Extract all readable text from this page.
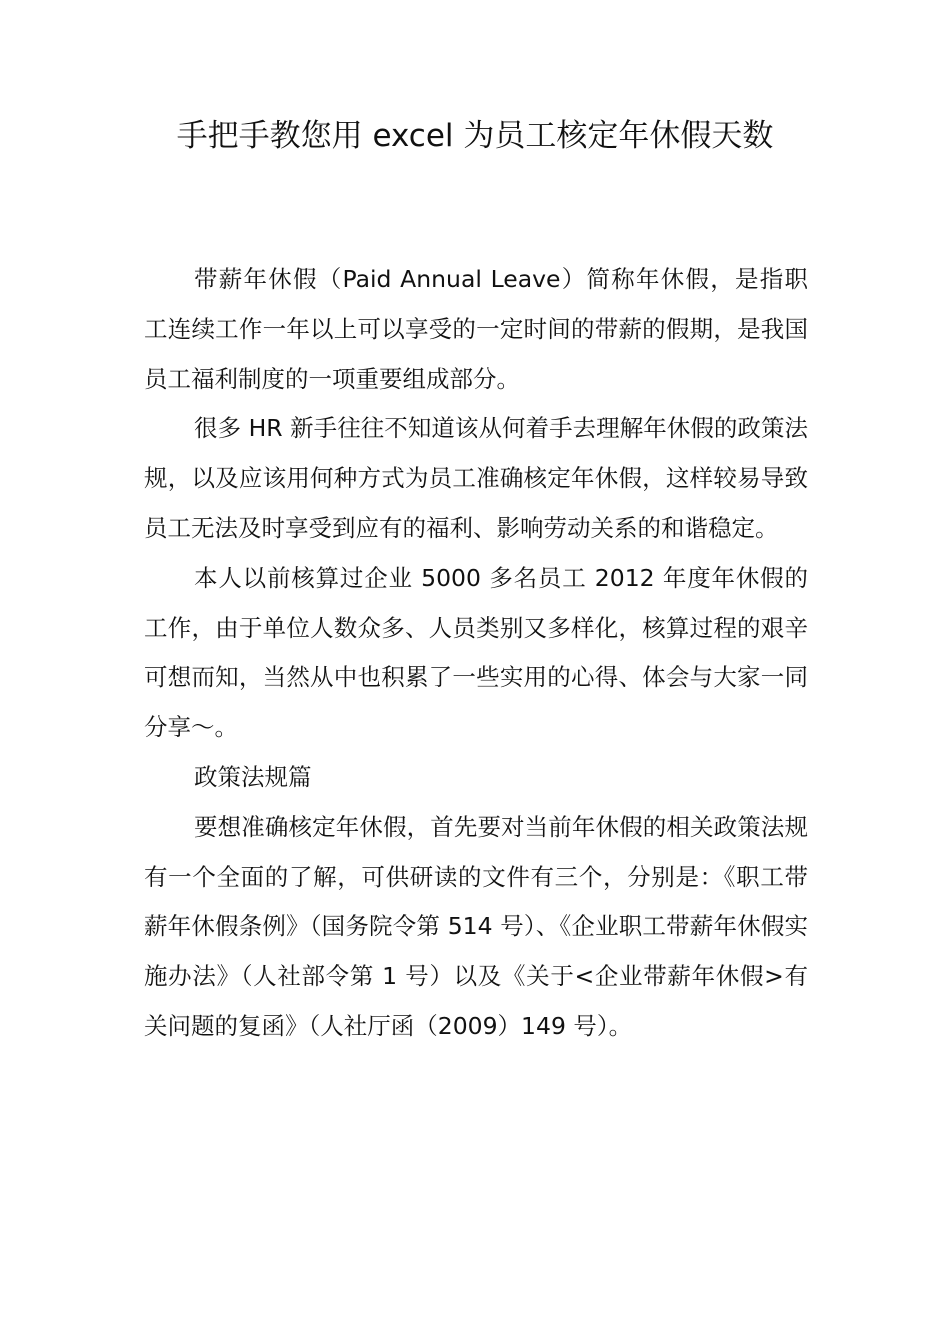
手把手教您用 excel 为员工核定年休假天数

带薪年休假（Paid Annual Leave）简称年休假，是指职工连续工作一年以上可以享受的一定时间的带薪的假期，是我国员工福利制度的一项重要组成部分。

很多 HR 新手往往不知道该从何着手去理解年休假的政策法规，以及应该用何种方式为员工准确核定年休假，这样较易导致员工无法及时享受到应有的福利、影响劳动关系的和谐稳定。

本人以前核算过企业 5000 多名员工 2012 年度年休假的工作，由于单位人数众多、人员类别又多样化，核算过程的艰辛可想而知，当然从中也积累了一些实用的心得、体会与大家一同分享～。

政策法规篇

要想准确核定年休假，首先要对当前年休假的相关政策法规有一个全面的了解，可供研读的文件有三个，分别是：《职工带薪年休假条例》（国务院令第 514 号）、《企业职工带薪年休假实施办法》（人社部令第 1 号）以及《关于<企业带薪年休假>有关问题的复函》（人社厅函（2009）149 号）。
